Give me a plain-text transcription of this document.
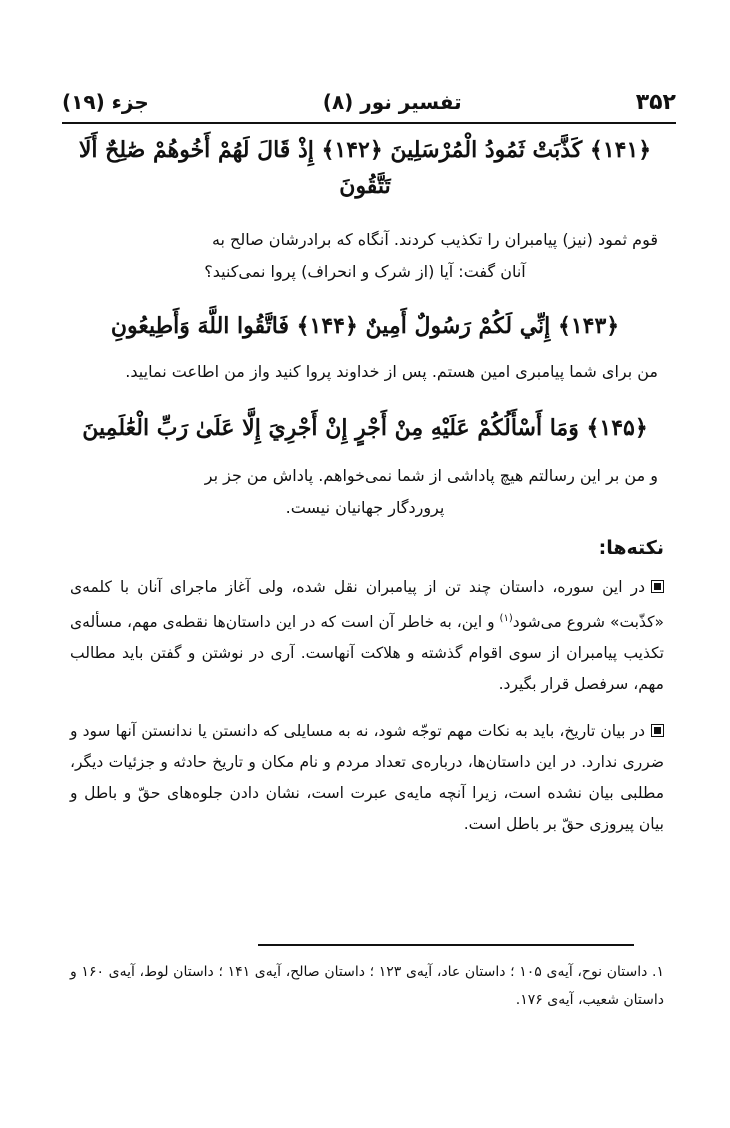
۳۵۲
تفسیر نور (۸)
جزء (۱۹)
﴿۱۴۱﴾ كَذَّبَتْ ثَمُودُ الْمُرْسَلِينَ ﴿۱۴۲﴾ إِذْ قَالَ لَهُمْ أَخُوهُمْ صَٰلِحٌ أَلَا تَتَّقُونَ
قوم ثمود (نیز) پیامبران را تکذیب کردند. آنگاه که برادرشان صالح به
آنان گفت: آیا (از شرک و انحراف) پروا نمی‌کنید؟
﴿۱۴۳﴾ إِنِّي لَكُمْ رَسُولٌ أَمِينٌ ﴿۱۴۴﴾ فَاتَّقُوا اللَّهَ وَأَطِيعُونِ
من برای شما پیامبری امین هستم. پس از خداوند پروا کنید واز من اطاعت نمایید.
﴿۱۴۵﴾ وَمَا أَسْأَلُكُمْ عَلَيْهِ مِنْ أَجْرٍ إِنْ أَجْرِيَ إِلَّا عَلَىٰ رَبِّ الْعَٰلَمِينَ
و من بر این رسالتم هیچ پاداشی از شما نمی‌خواهم. پاداش من جز بر
پروردگار جهانیان نیست.
نکته‌ها:
در این سوره، داستان چند تن از پیامبران نقل شده، ولی آغاز ماجرای آنان با کلمه‌ی «کذّبت» شروع می‌شود$^{(۱)}$ و این، به خاطر آن است که در این داستان‌ها نقطه‌ی مهم، مسأله‌ی تکذیب پیامبران از سوی اقوام گذشته و هلاکت آنهاست. آری در نوشتن و گفتن باید مطالب مهم، سرفصل قرار بگیرد.
در بیان تاریخ، باید به نکات مهم توجّه شود، نه به مسایلی که دانستن یا ندانستن آنها سود و ضرری ندارد. در این داستان‌ها، درباره‌ی تعداد مردم و نام مکان و تاریخ حادثه و جزئیات دیگر، مطلبی بیان نشده است، زیرا آنچه مایه‌ی عبرت است، نشان دادن جلوه‌های حقّ و باطل و بیان پیروزی حقّ بر باطل است.
۱. داستان نوح، آیه‌ی ۱۰۵ ؛ داستان عاد، آیه‌ی ۱۲۳ ؛ داستان صالح، آیه‌ی ۱۴۱ ؛ داستان لوط، آیه‌ی ۱۶۰ و داستان شعیب، آیه‌ی ۱۷۶.
